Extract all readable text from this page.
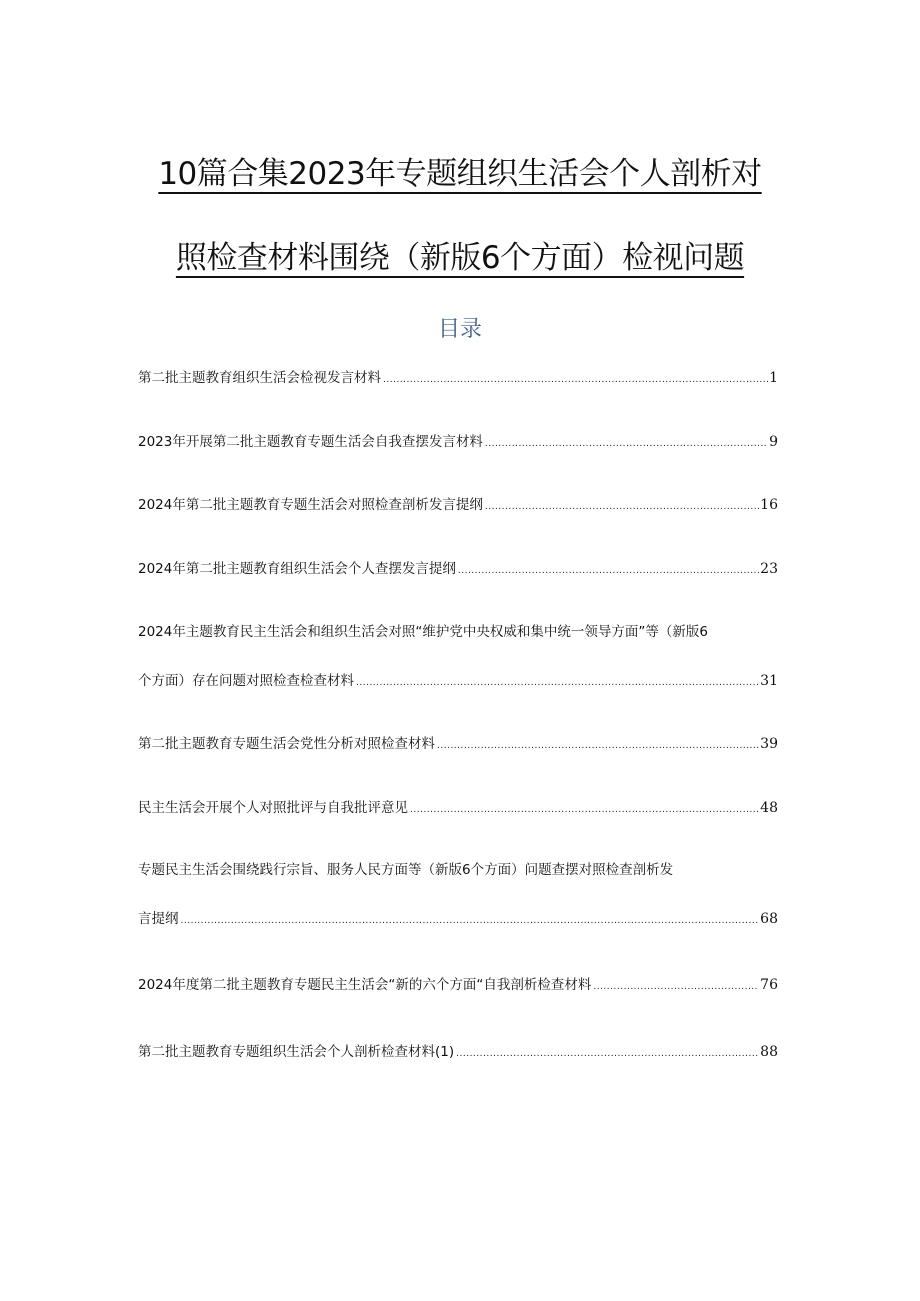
10篇合集2023年专题组织生活会个人剖析对
照检查材料围绕（新版6个方面）检视问题
目录
第二批主题教育组织生活会检视发言材料 .....	1
2023年开展第二批主题教育专题生活会自我查摆发言材料 .....	9
2024年第二批主题教育专题生活会对照检查剖析发言提纲 .....	16
2024年第二批主题教育组织生活会个人查摆发言提纲 .....	23
2024年主题教育民主生活会和组织生活会对照“维护党中央权威和集中统一领导方面”等（新版6
个方面）存在问题对照检查检查材料 .....	31
第二批主题教育专题生活会党性分析对照检查材料 .....	39
民主生活会开展个人对照批评与自我批评意见 .....	48
专题民主生活会围绕践行宗旨、服务人民方面等（新版6个方面）问题查摆对照检查剖析发
言提纲 .....	68
2024年度第二批主题教育专题民主生活会“新的六个方面“自我剖析检查材料 .....	76
第二批主题教育专题组织生活会个人剖析检查材料(1) .....	88
